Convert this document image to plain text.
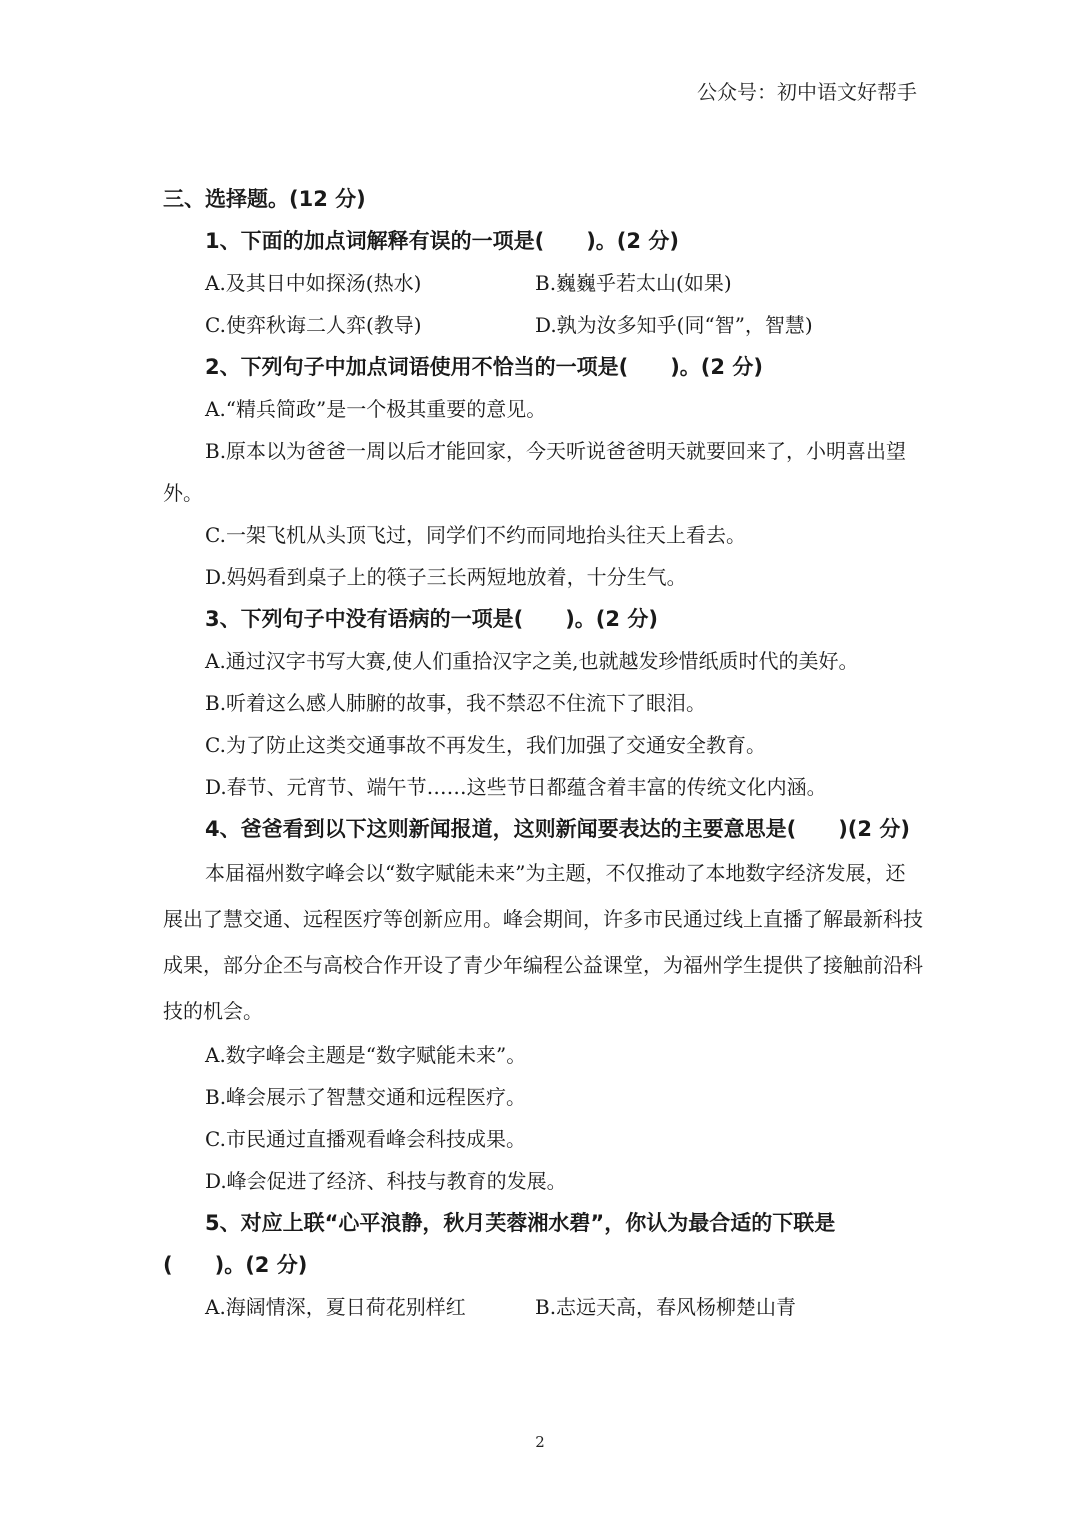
公众号：初中语文好帮手

三、选择题。(12 分)

1、下面的加点词解释有误的一项是(　　)。(2 分)

A.及其日中如探汤(热水)	B.巍巍乎若太山(如果)

C.使弈秋诲二人弈(教导)	D.孰为汝多知乎(同“智”，智慧)

2、下列句子中加点词语使用不恰当的一项是(　　)。(2 分)

A.“精兵简政”是一个极其重要的意见。

B.原本以为爸爸一周以后才能回家，今天听说爸爸明天就要回来了，小明喜出望外。

C.一架飞机从头顶飞过，同学们不约而同地抬头往天上看去。

D.妈妈看到桌子上的筷子三长两短地放着，十分生气。

3、下列句子中没有语病的一项是(　　)。(2 分)

A.通过汉字书写大赛,使人们重拾汉字之美,也就越发珍惜纸质时代的美好。

B.听着这么感人肺腑的故事，我不禁忍不住流下了眼泪。

C.为了防止这类交通事故不再发生，我们加强了交通安全教育。

D.春节、元宵节、端午节……这些节日都蕴含着丰富的传统文化内涵。

4、爸爸看到以下这则新闻报道，这则新闻要表达的主要意思是(　　)(2 分)

本届福州数字峰会以“数字赋能未来”为主题，不仅推动了本地数字经济发展，还展出了慧交通、远程医疗等创新应用。峰会期间，许多市民通过线上直播了解最新科技成果，部分企丕与高校合作开设了青少年编程公益课堂，为福州学生提供了接触前沿科技的机会。

A.数字峰会主题是“数字赋能未来”。

B.峰会展示了智慧交通和远程医疗。

C.市民通过直播观看峰会科技成果。

D.峰会促进了经济、科技与教育的发展。

5、对应上联“心平浪静，秋月芙蓉湘水碧”，你认为最合适的下联是 (　　)。(2 分)

A.海阔情深，夏日荷花别样红	B.志远天高，春风杨柳楚山青

2
